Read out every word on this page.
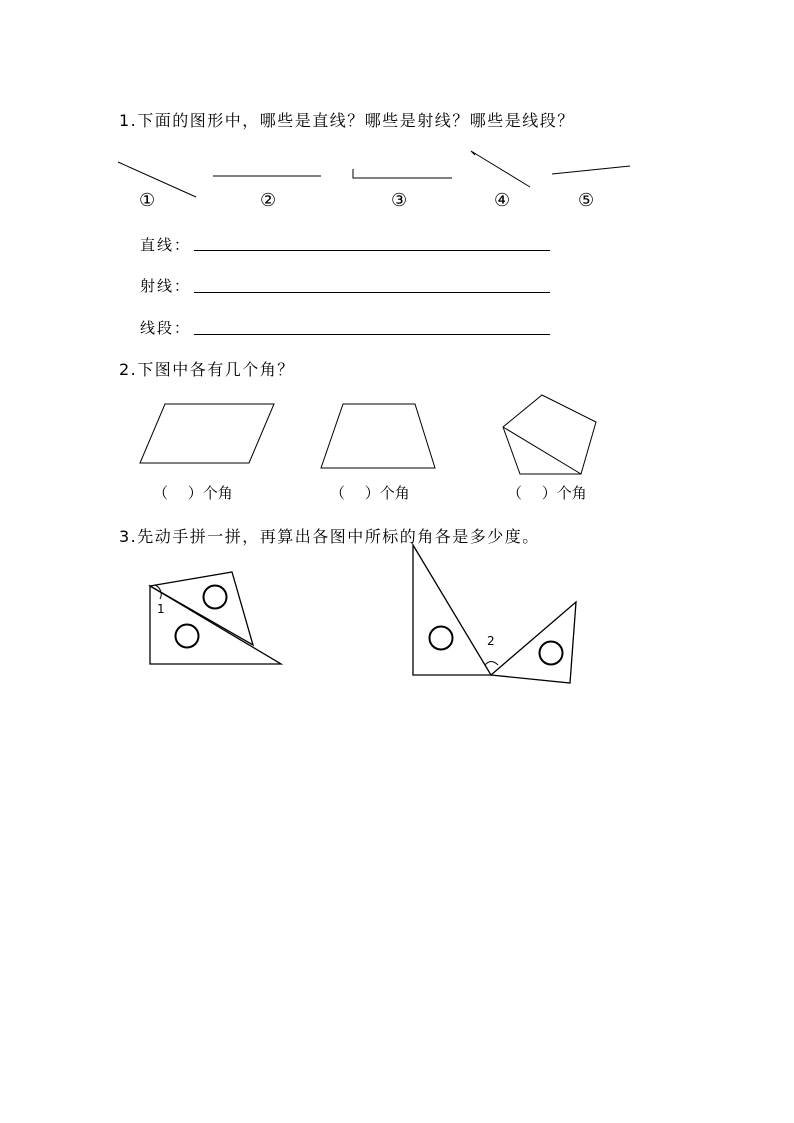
1.下面的图形中，哪些是直线？哪些是射线？哪些是线段？
①	②	③	④	⑤
直线：
射线：
线段：
2.下图中各有几个角？
（　 ）个角	（　 ）个角	（　 ）个角
3.先动手拼一拼，再算出各图中所标的角各是多少度。
1
2
